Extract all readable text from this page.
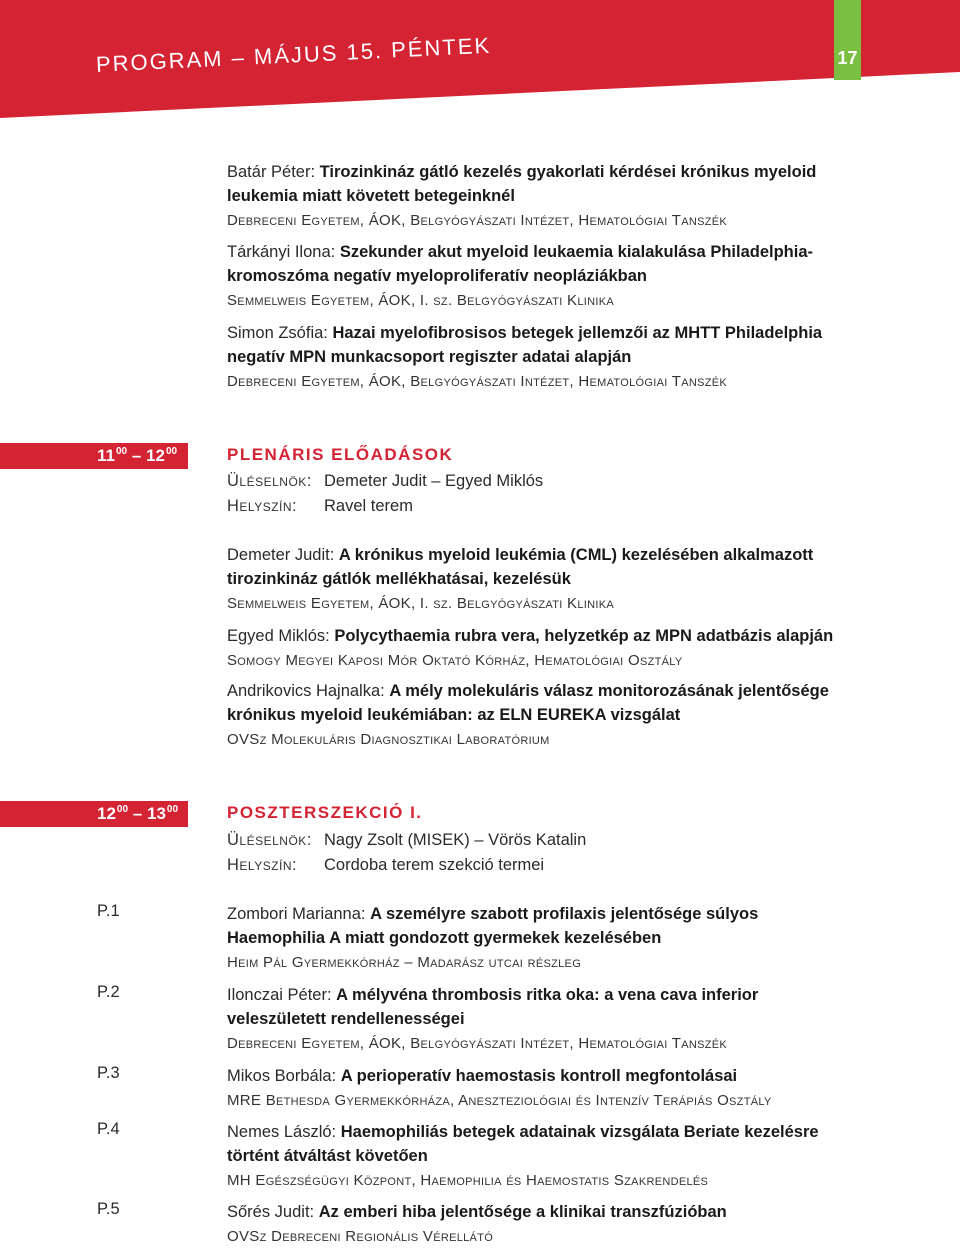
PROGRAM – MÁJUS 15. PÉNTEK	17
Batár Péter: Tirozinkináz gátló kezelés gyakorlati kérdései krónikus myeloid
leukemia miatt követett betegeinknél
Debreceni Egyetem, ÁOK, Belgyógyászati Intézet, Hematológiai Tanszék
Tárkányi Ilona: Szekunder akut myeloid leukaemia kialakulása Philadelphia-
kromoszóma negatív myeloproliferatív neopláziákban
Semmelweis Egyetem, ÁOK, I. sz. Belgyógyászati Klinika
Simon Zsófia: Hazai myelofibrosisos betegek jellemzői az MHTT Philadelphia
negatív MPN munkacsoport regiszter adatai alapján
Debreceni Egyetem, ÁOK, Belgyógyászati Intézet, Hematológiai Tanszék
$11^{00} - 12^{00}$	PLENÁRIS ELŐADÁSOK
Üléselnök: Demeter Judit – Egyed Miklós
Helyszín: Ravel terem
Demeter Judit: A krónikus myeloid leukémia (CML) kezelésében alkalmazott
tirozinkináz gátlók mellékhatásai, kezelésük
Semmelweis Egyetem, ÁOK, I. sz. Belgyógyászati Klinika
Egyed Miklós: Polycythaemia rubra vera, helyzetkép az MPN adatbázis alapján
Somogy Megyei Kaposi Mór Oktató Kórház, Hematológiai Osztály
Andrikovics Hajnalka: A mély molekuláris válasz monitorozásának jelentősége
krónikus myeloid leukémiában: az ELN EUREKA vizsgálat
OVSz Molekuláris Diagnosztikai Laboratórium
$12^{00} - 13^{00}$	POSZTERSZEKCIÓ I.
Üléselnök: Nagy Zsolt (MISEK) – Vörös Katalin
Helyszín: Cordoba terem szekció termei
P.1	Zombori Marianna: A személyre szabott profilaxis jelentősége súlyos
Haemophilia A miatt gondozott gyermekek kezelésében
Heim Pál Gyermekkórház – Madarász utcai részleg
P.2	Ilonczai Péter: A mélyvéna thrombosis ritka oka: a vena cava inferior
veleszületett rendellenességei
Debreceni Egyetem, ÁOK, Belgyógyászati Intézet, Hematológiai Tanszék
P.3	Mikos Borbála: A perioperatív haemostasis kontroll megfontolásai
MRE Bethesda Gyermekkórháza, Aneszteziológiai és Intenzív Terápiás Osztály
P.4	Nemes László: Haemophiliás betegek adatainak vizsgálata Beriate kezelésre
történt átváltást követően
MH Egészségügyi Központ, Haemophilia és Haemostatis Szakrendelés
P.5	Sőrés Judit: Az emberi hiba jelentősége a klinikai transzfúzióban
OVSz Debreceni Regionális Vérellátó
